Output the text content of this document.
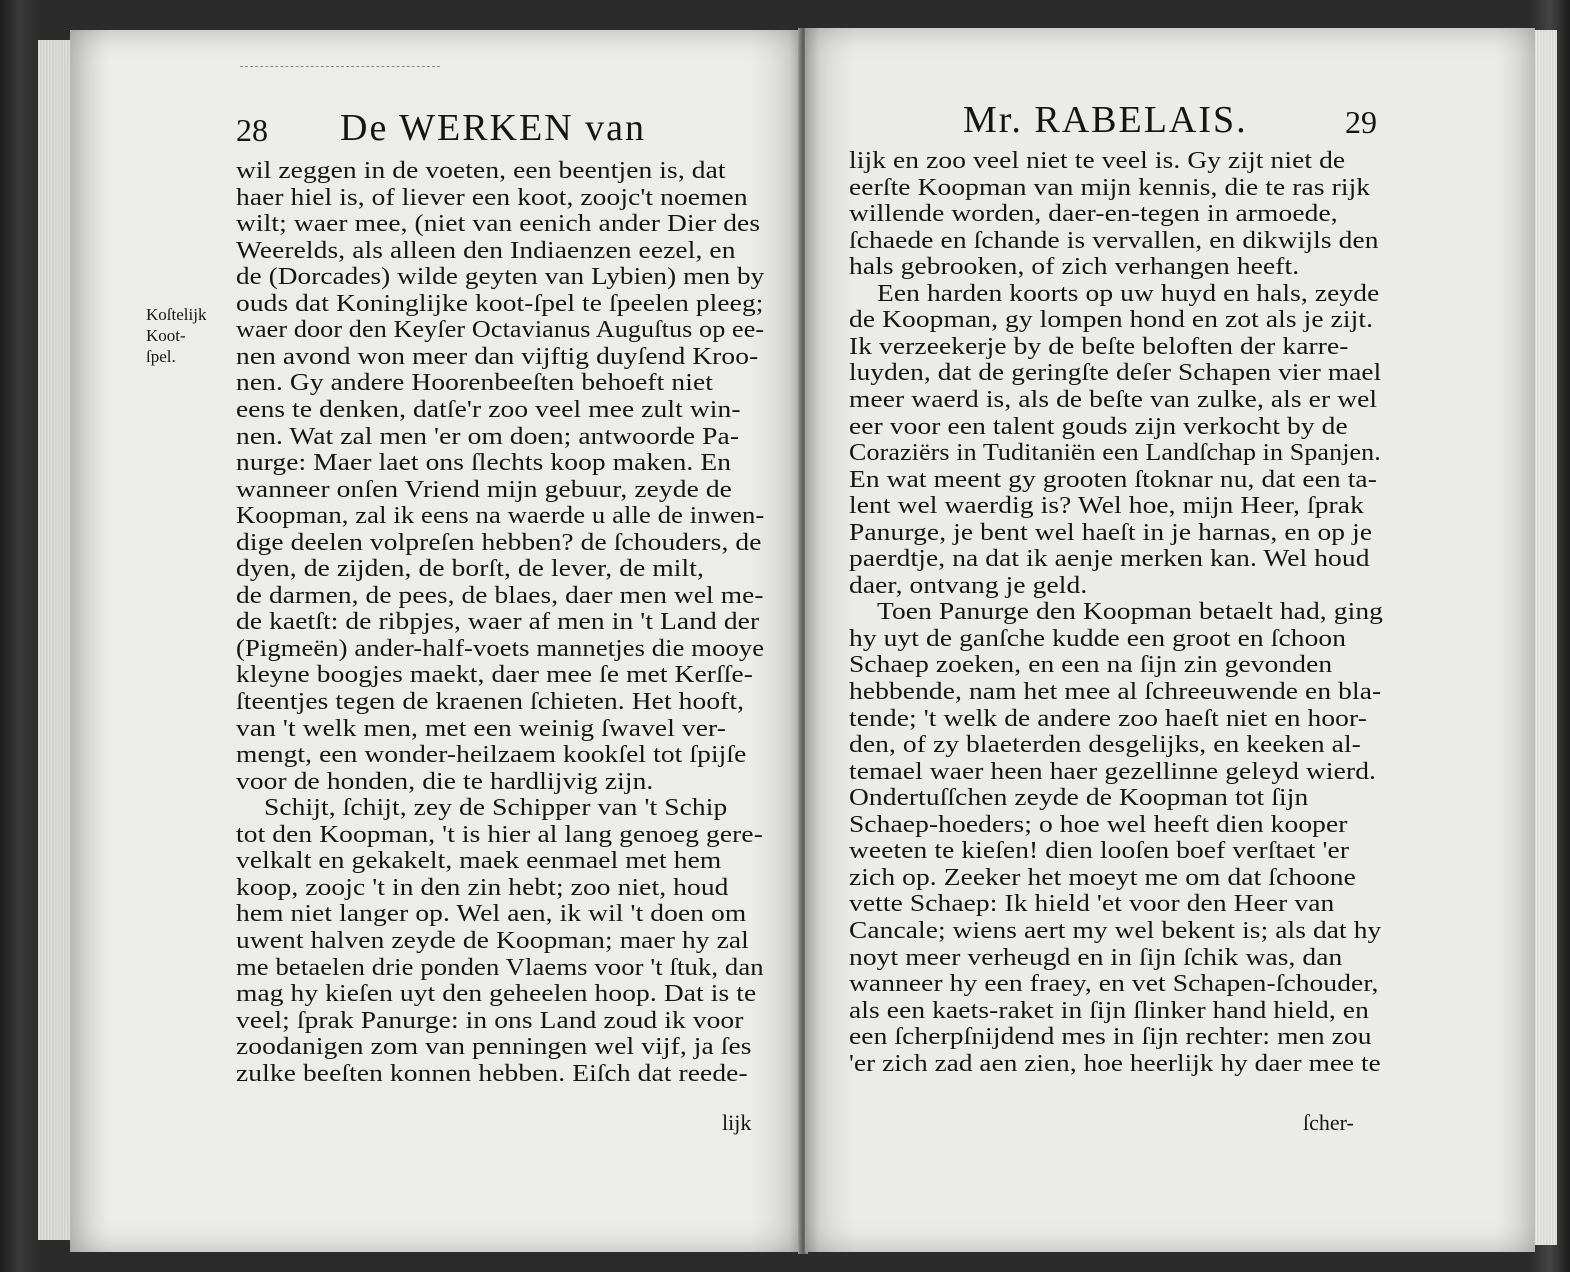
28 De WERKEN van
Koſtelijk
Koot-
ſpel.
wil zeggen in de voeten, een beentjen is, dat
haer hiel is, of liever een koot, zoojc't noemen
wilt; waer mee, (niet van eenich ander Dier des
Weerelds, als alleen den Indiaenzen eezel, en
de (Dorcades) wilde geyten van Lybien) men by
ouds dat Koninglijke koot-ſpel te ſpeelen pleeg;
waer door den Keyſer Octavianus Auguſtus op ee-
nen avond won meer dan vijftig duyſend Kroo-
nen. Gy andere Hoorenbeeſten behoeft niet
eens te denken, datſe'r zoo veel mee zult win-
nen. Wat zal men 'er om doen; antwoorde Pa-
nurge: Maer laet ons ſlechts koop maken. En
wanneer onſen Vriend mijn gebuur, zeyde de
Koopman, zal ik eens na waerde u alle de inwen-
dige deelen volpreſen hebben? de ſchouders, de
dyen, de zijden, de borſt, de lever, de milt,
de darmen, de pees, de blaes, daer men wel me-
de kaetſt: de ribpjes, waer af men in 't Land der
(Pigmeën) ander-half-voets mannetjes die mooye
kleyne boogjes maekt, daer mee ſe met Kerſſe-
ſteentjes tegen de kraenen ſchieten. Het hooft,
van 't welk men, met een weinig ſwavel ver-
mengt, een wonder-heilzaem kookſel tot ſpijſe
voor de honden, die te hardlijvig zijn.
Schijt, ſchijt, zey de Schipper van 't Schip
tot den Koopman, 't is hier al lang genoeg gere-
velkalt en gekakelt, maek eenmael met hem
koop, zoojc 't in den zin hebt; zoo niet, houd
hem niet langer op. Wel aen, ik wil 't doen om
uwent halven zeyde de Koopman; maer hy zal
me betaelen drie ponden Vlaems voor 't ſtuk, dan
mag hy kieſen uyt den geheelen hoop. Dat is te
veel; ſprak Panurge: in ons Land zoud ik voor
zoodanigen zom van penningen wel vijf, ja ſes
zulke beeſten konnen hebben. Eiſch dat reede-
lijk
Mr. RABELAIS.	29
lijk en zoo veel niet te veel is. Gy zijt niet de
eerſte Koopman van mijn kennis, die te ras rijk
willende worden, daer-en-tegen in armoede,
ſchaede en ſchande is vervallen, en dikwijls den
hals gebrooken, of zich verhangen heeft.
Een harden koorts op uw huyd en hals, zeyde
de Koopman, gy lompen hond en zot als je zijt.
Ik verzeekerje by de beſte beloften der karre-
luyden, dat de geringſte deſer Schapen vier mael
meer waerd is, als de beſte van zulke, als er wel
eer voor een talent gouds zijn verkocht by de
Coraziërs in Tuditaniën een Landſchap in Spanjen.
En wat meent gy grooten ſtoknar nu, dat een ta-
lent wel waerdig is? Wel hoe, mijn Heer, ſprak
Panurge, je bent wel haeſt in je harnas, en op je
paerdtje, na dat ik aenje merken kan. Wel houd
daer, ontvang je geld.
Toen Panurge den Koopman betaelt had, ging
hy uyt de ganſche kudde een groot en ſchoon
Schaep zoeken, en een na ſijn zin gevonden
hebbende, nam het mee al ſchreeuwende en bla-
tende; 't welk de andere zoo haeſt niet en hoor-
den, of zy blaeterden desgelijks, en keeken al-
temael waer heen haer gezellinne geleyd wierd.
Ondertuſſchen zeyde de Koopman tot ſijn
Schaep-hoeders; o hoe wel heeft dien kooper
weeten te kieſen! dien looſen boef verſtaet 'er
zich op. Zeeker het moeyt me om dat ſchoone
vette Schaep: Ik hield 'et voor den Heer van
Cancale; wiens aert my wel bekent is; als dat hy
noyt meer verheugd en in ſijn ſchik was, dan
wanneer hy een fraey, en vet Schapen-ſchouder,
als een kaets-raket in ſijn ſlinker hand hield, en
een ſcherpſnijdend mes in ſijn rechter: men zou
'er zich zad aen zien, hoe heerlijk hy daer mee te
ſcher-
